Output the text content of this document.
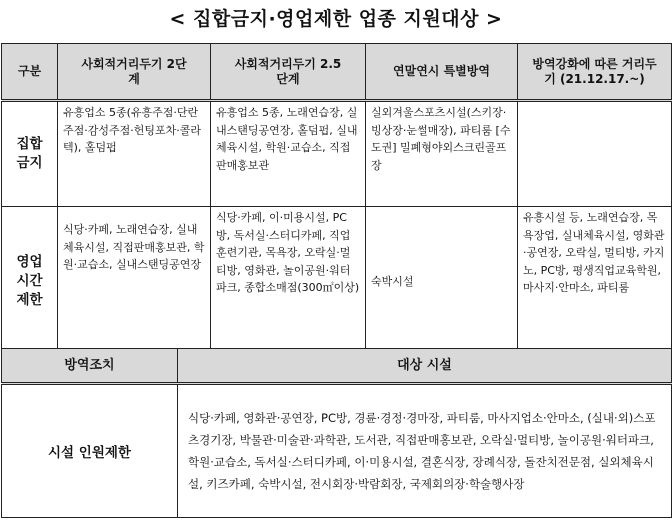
< 집합금지·영업제한 업종 지원대상 >
구분	사회적거리두기 2단계	사회적거리두기 2.5단계	연말연시 특별방역	방역강화에 따른 거리두기 (21.12.17.~)

집합 금지	유흥업소 5종(유흥주점·단란주점·감성주점·헌팅포차·콜라텍), 홀덤펍	유흥업소 5종, 노래연습장, 실내스탠딩공연장, 홀덤펍, 실내체육시설, 학원·교습소, 직접판매홍보관	실외겨울스포츠시설(스키장·빙상장·눈썰매장), 파티룸 [수도권] 밀폐형야외스크린골프장	

영업 시간 제한	식당·카페, 노래연습장, 실내체육시설, 직접판매홍보관, 학원·교습소, 실내스탠딩공연장	식당·카페, 이·미용시설, PC방, 독서실·스터디카페, 직업훈련기관, 목욕장, 오락실·멀티방, 영화관, 놀이공원·워터파크, 종합소매점(300㎡이상)	숙박시설	유흥시설 등, 노래연습장, 목욕장업, 실내체육시설, 영화관·공연장, 오락실, 멀티방, 카지노, PC방, 평생직업교육학원, 마사지·안마소, 파티룸
방역조치	대상 시설
시설 인원제한	식당·카페, 영화관·공연장, PC방, 경륜·경정·경마장, 파티룸, 마사지업소·안마소, (실내·외)스포츠경기장, 박물관·미술관·과학관, 도서관, 직접판매홍보관, 오락실·멀티방, 놀이공원·워터파크, 학원·교습소, 독서실·스터디카페, 이·미용시설, 결혼식장, 장례식장, 돌잔치전문점, 실외체육시설, 키즈카페, 숙박시설, 전시회장·박람회장, 국제회의장·학술행사장
